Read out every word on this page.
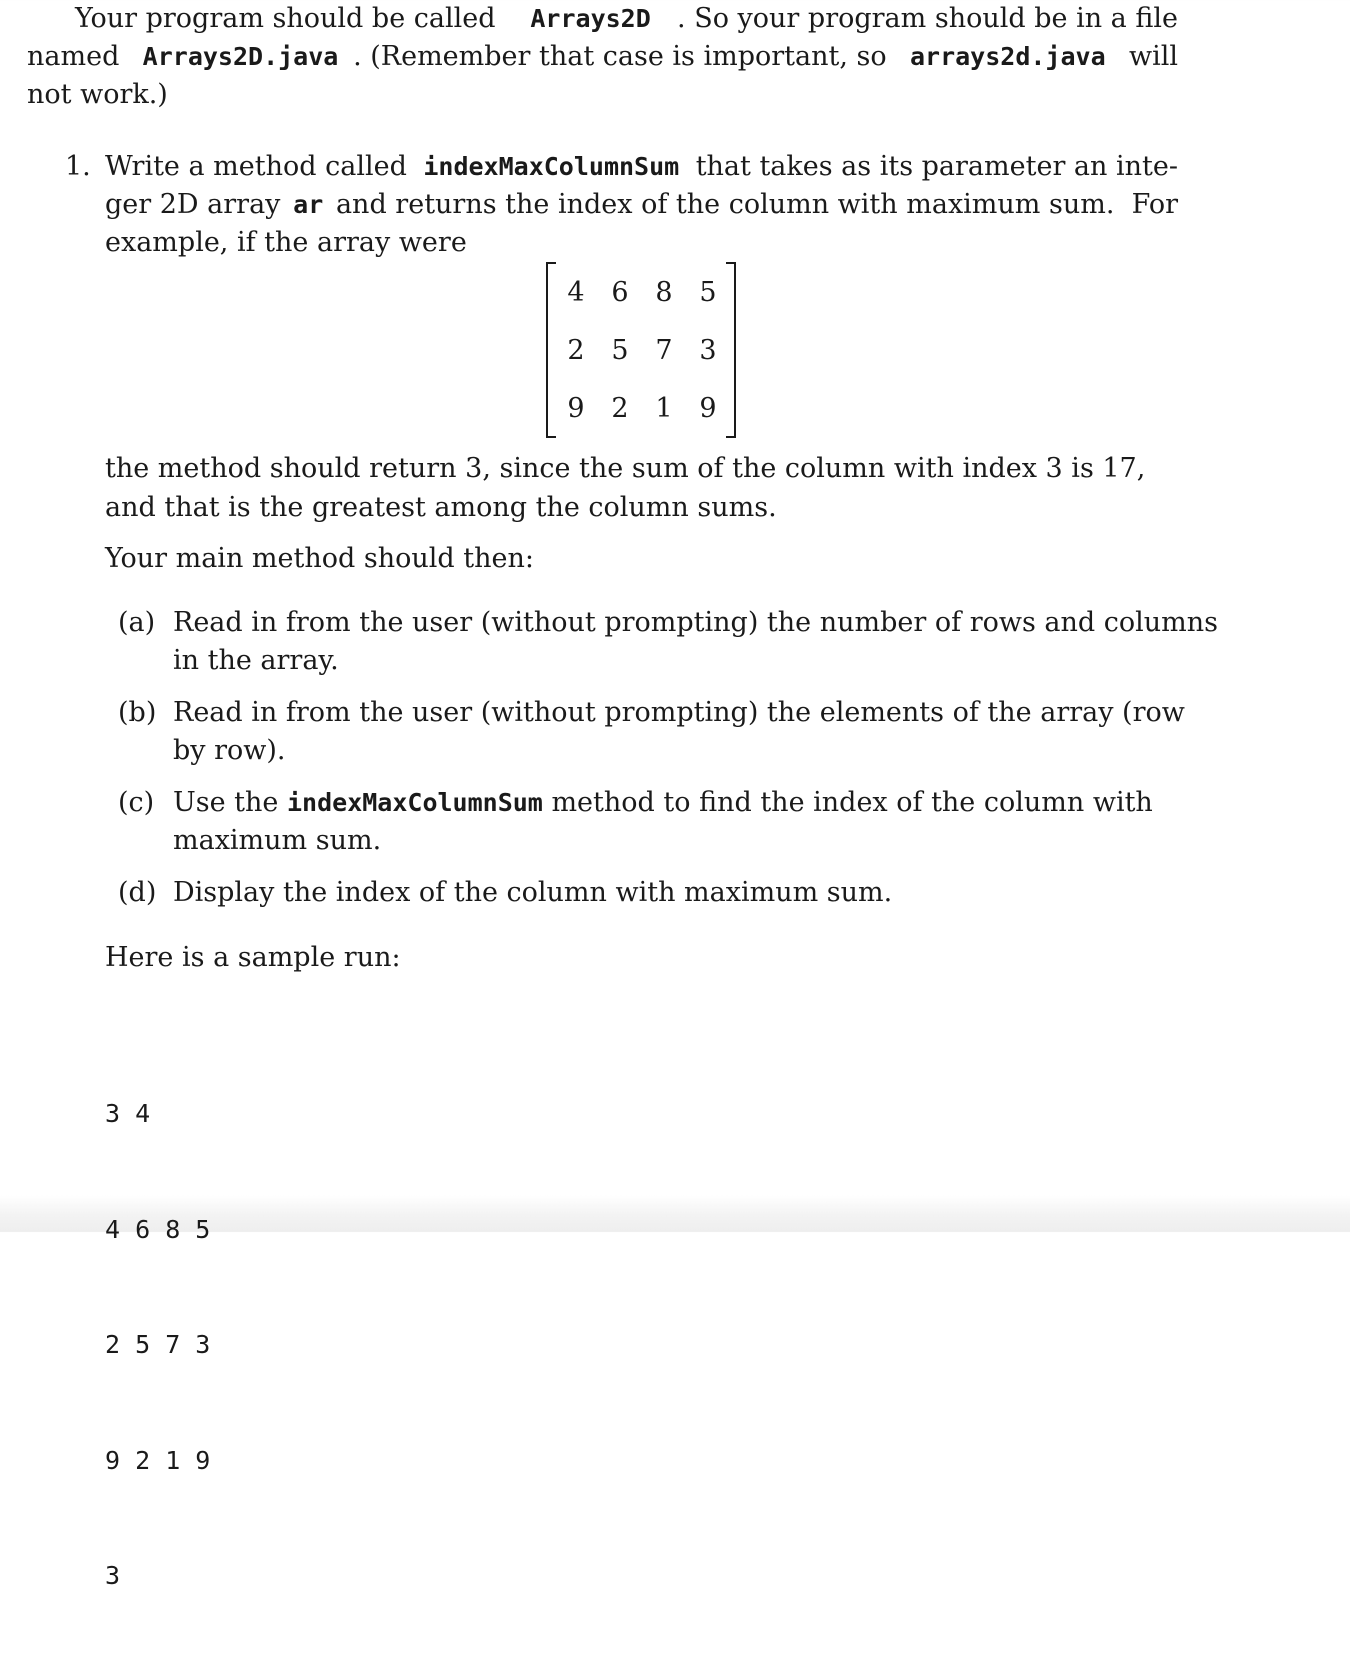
Your program should be called Arrays2D . So your program should be in a file
named Arrays2D.java . (Remember that case is important, so arrays2d.java will
not work.)
1. Write a method called indexMaxColumnSum that takes as its parameter an inte-
ger 2D array ar and returns the index of the column with maximum sum.  For
example, if the array were
4 6 8 5
2 5 7 3
9 2 1 9
the method should return 3, since the sum of the column with index 3 is 17,
and that is the greatest among the column sums.
Your main method should then:
(a) Read in from the user (without prompting) the number of rows and columns
in the array.
(b) Read in from the user (without prompting) the elements of the array (row
by row).
(c) Use the indexMaxColumnSum method to find the index of the column with
maximum sum.
(d) Display the index of the column with maximum sum.
Here is a sample run:

3 4

4 6 8 5

2 5 7 3

9 2 1 9

3
